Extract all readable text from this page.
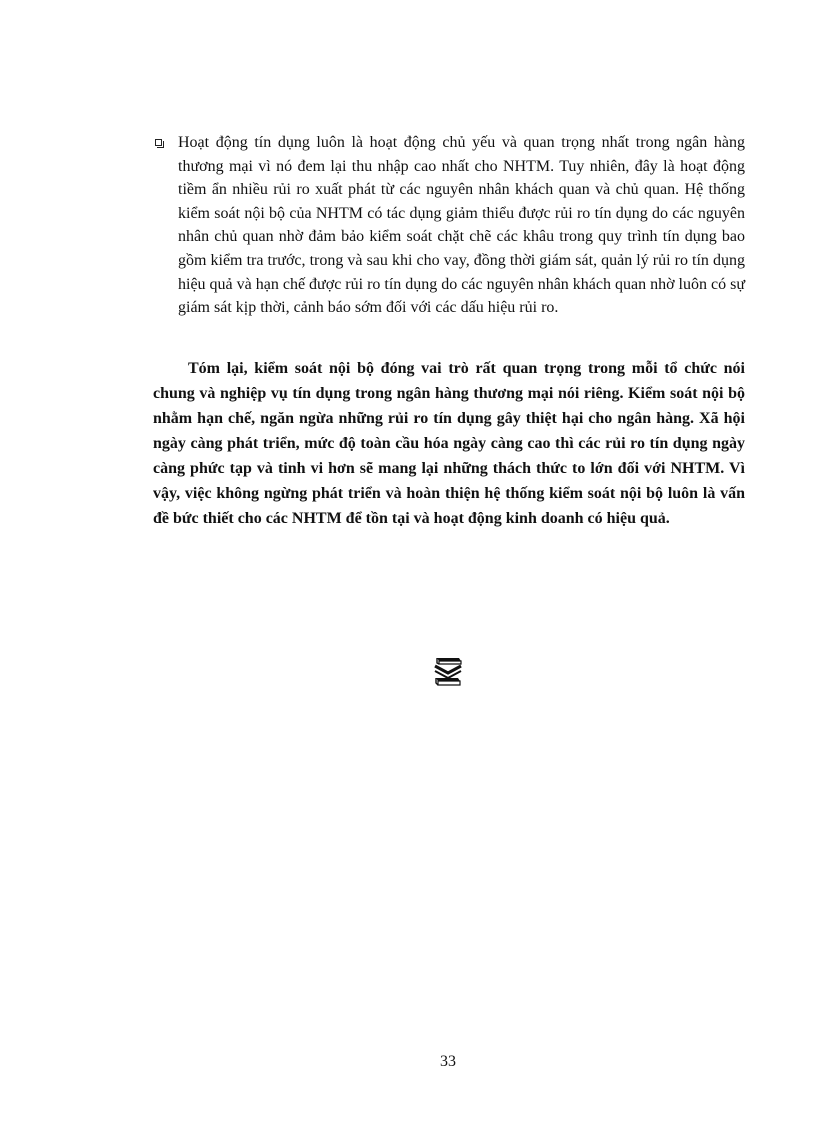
Hoạt động tín dụng luôn là hoạt động chủ yếu và quan trọng nhất trong ngân hàng thương mại vì nó đem lại thu nhập cao nhất cho NHTM. Tuy nhiên, đây là hoạt động tiềm ẩn nhiều rủi ro xuất phát từ các nguyên nhân khách quan và chủ quan. Hệ thống kiểm soát nội bộ của NHTM có tác dụng giảm thiểu được rủi ro tín dụng do các nguyên nhân chủ quan nhờ đảm bảo kiểm soát chặt chẽ các khâu trong quy trình tín dụng bao gồm kiểm tra trước, trong và sau khi cho vay, đồng thời giám sát, quản lý rủi ro tín dụng hiệu quả và hạn chế được rủi ro tín dụng do các nguyên nhân khách quan nhờ luôn có sự giám sát kịp thời, cảnh báo sớm đối với các dấu hiệu rủi ro.

Tóm lại, kiểm soát nội bộ đóng vai trò rất quan trọng trong mỗi tổ chức nói chung và nghiệp vụ tín dụng trong ngân hàng thương mại nói riêng. Kiểm soát nội bộ nhằm hạn chế, ngăn ngừa những rủi ro tín dụng gây thiệt hại cho ngân hàng. Xã hội ngày càng phát triển, mức độ toàn cầu hóa ngày càng cao thì các rủi ro tín dụng ngày càng phức tạp và tinh vi hơn sẽ mang lại những thách thức to lớn đối với NHTM. Vì vậy, việc không ngừng phát triển và hoàn thiện hệ thống kiểm soát nội bộ luôn là vấn đề bức thiết cho các NHTM để tồn tại và hoạt động kinh doanh có hiệu quả.

33
